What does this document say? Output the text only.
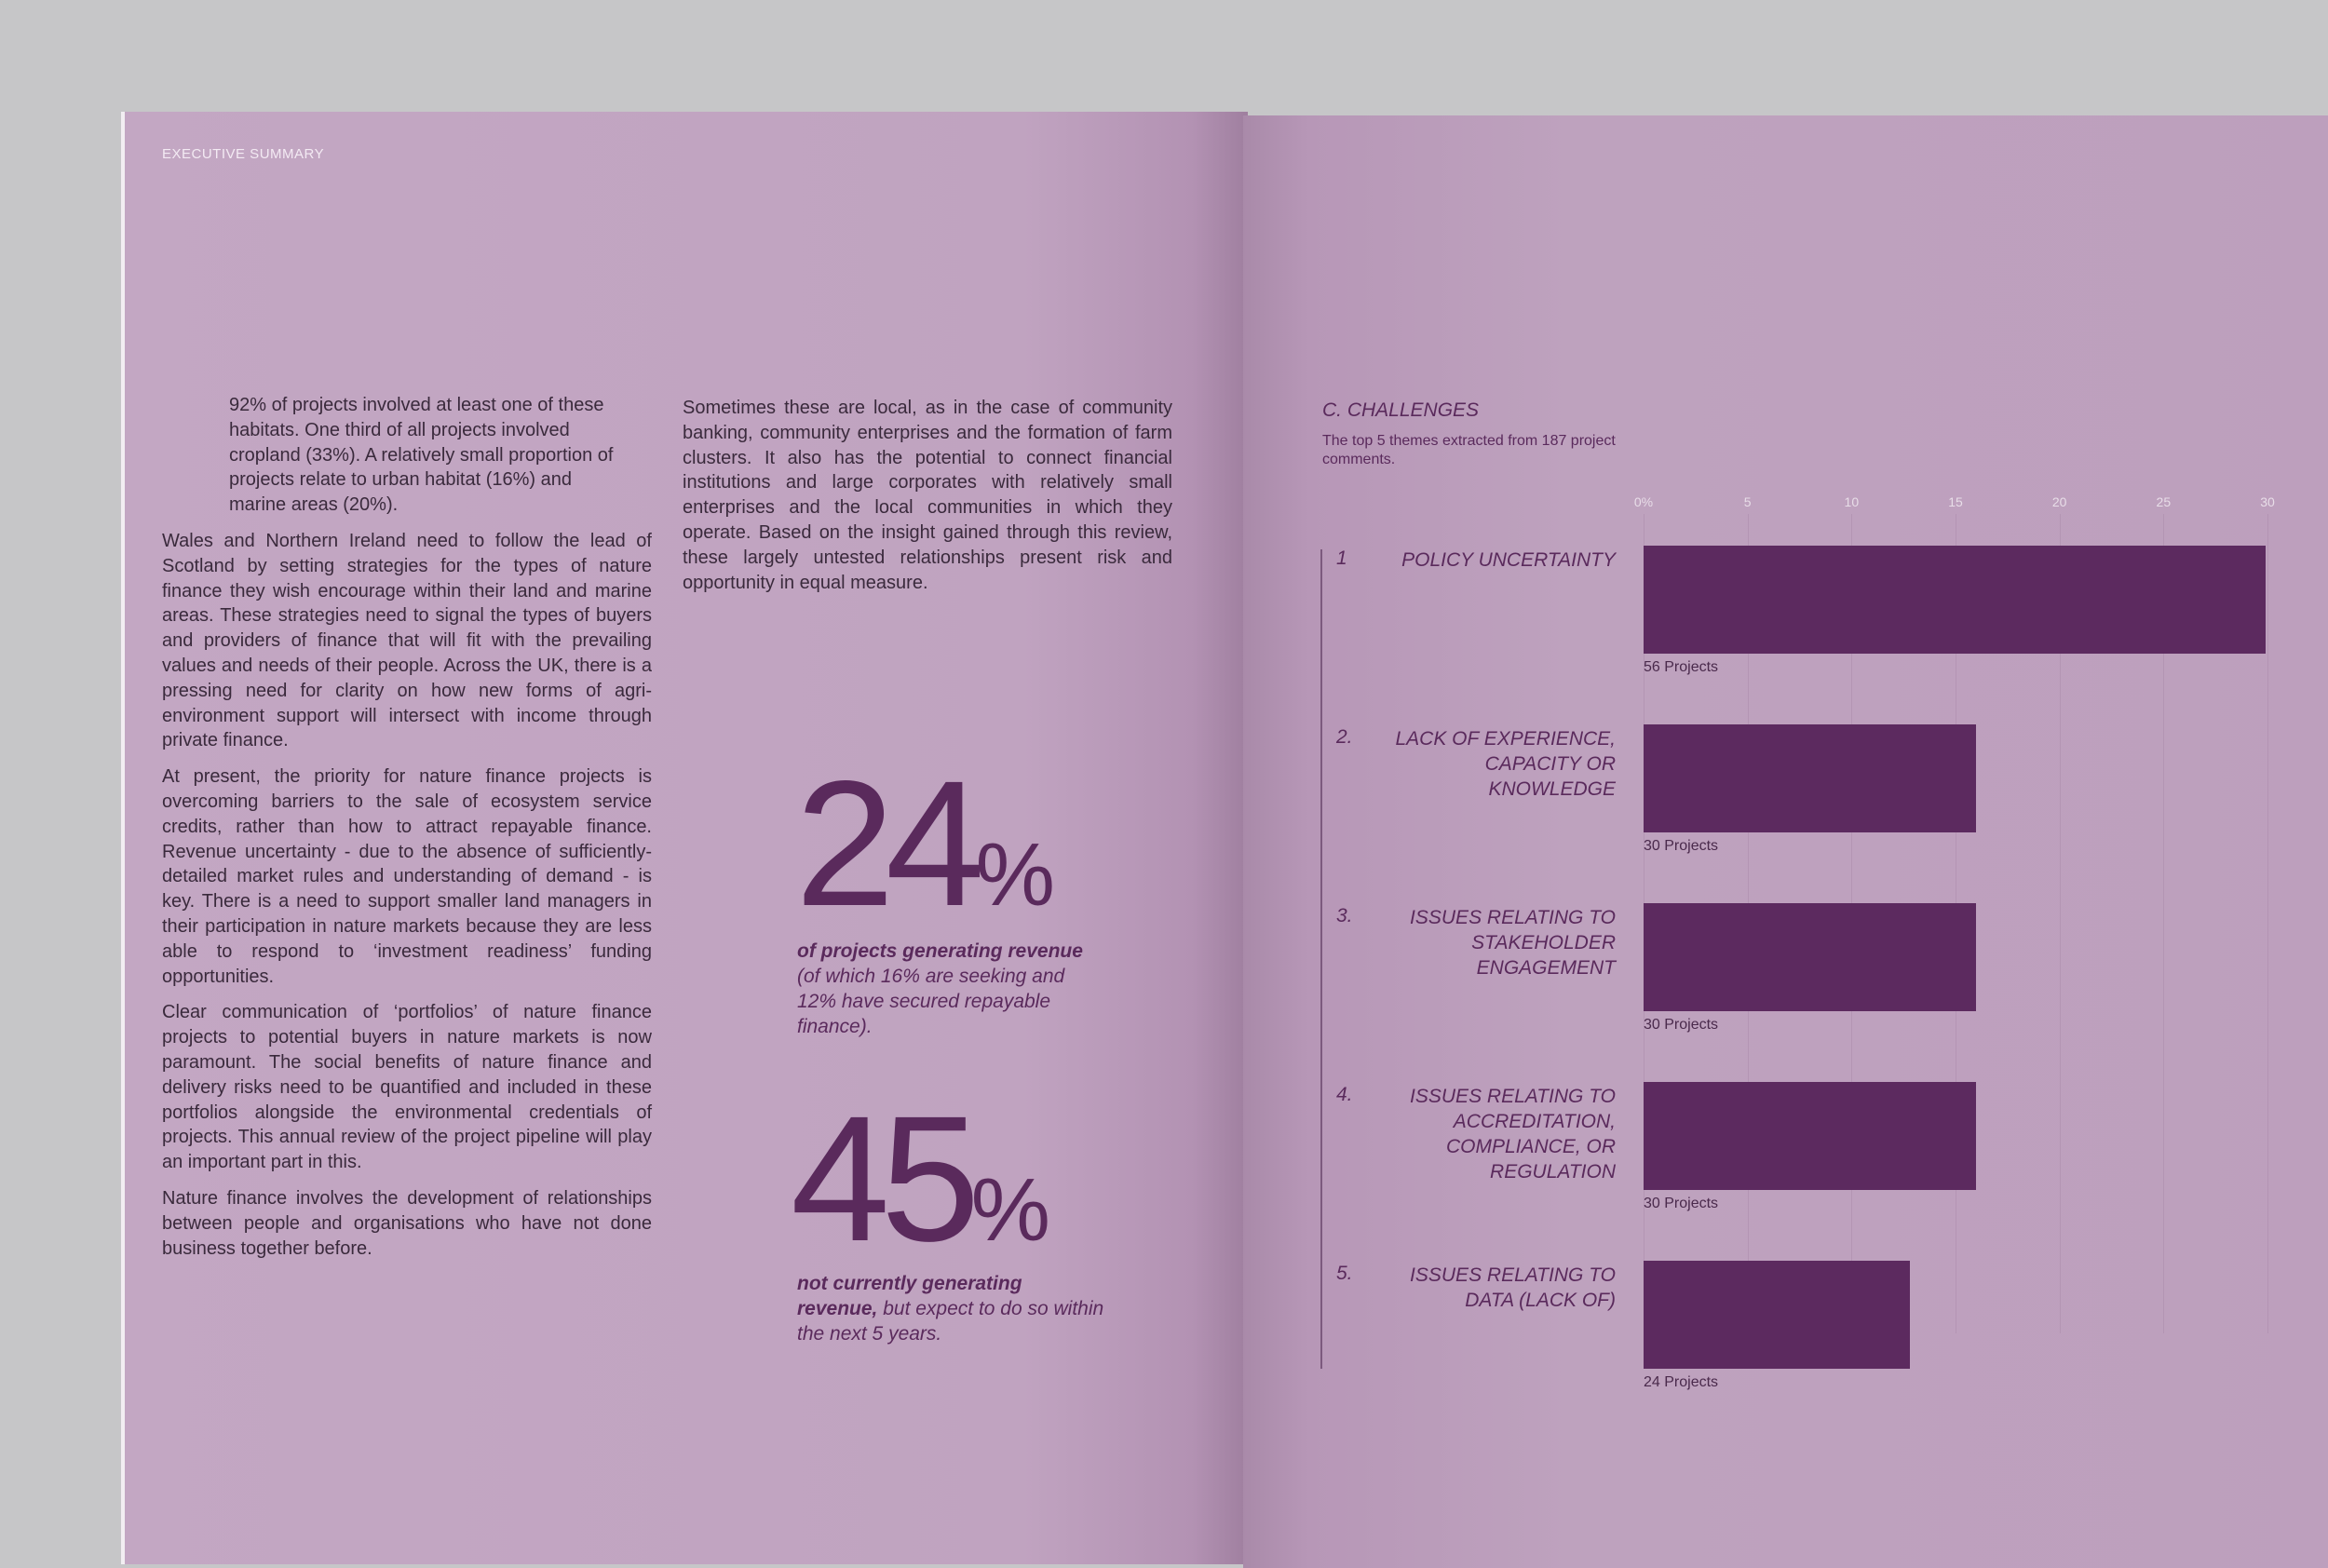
EXECUTIVE SUMMARY
92% of projects involved at least one of these habitats. One third of all projects involved cropland (33%). A relatively small proportion of projects relate to urban habitat (16%) and marine areas (20%).

Wales and Northern Ireland need to follow the lead of Scotland by setting strategies for the types of nature finance they wish encourage within their land and marine areas. These strategies need to signal the types of buyers and providers of finance that will fit with the prevailing values and needs of their people. Across the UK, there is a pressing need for clarity on how new forms of agri-environment support will intersect with income through private finance.

At present, the priority for nature finance projects is overcoming barriers to the sale of ecosystem service credits, rather than how to attract repayable finance. Revenue uncertainty - due to the absence of sufficiently-detailed market rules and understanding of demand - is key. There is a need to support smaller land managers in their participation in nature markets because they are less able to respond to ‘investment readiness’ funding opportunities.

Clear communication of ‘portfolios’ of nature finance projects to potential buyers in nature markets is now paramount. The social benefits of nature finance and delivery risks need to be quantified and included in these portfolios alongside the environmental credentials of projects. This annual review of the project pipeline will play an important part in this.

Nature finance involves the development of relationships between people and organisations who have not done business together before.

Sometimes these are local, as in the case of community banking, community enterprises and the formation of farm clusters. It also has the potential to connect financial institutions and large corporates with relatively small enterprises and the local communities in which they operate. Based on the insight gained through this review, these largely untested relationships present risk and opportunity in equal measure.
24%
of projects generating revenue (of which 16% are seeking and 12% have secured repayable finance).
45%
not currently generating revenue, but expect to do so within the next 5 years.
C. CHALLENGES
The top 5 themes extracted from 187 project comments.
0%	5	10	15	20	25	30
1	POLICY UNCERTAINTY
56 Projects
2.	LACK OF EXPERIENCE, CAPACITY OR KNOWLEDGE
30 Projects
3.	ISSUES RELATING TO STAKEHOLDER ENGAGEMENT
30 Projects
4.	ISSUES RELATING TO ACCREDITATION, COMPLIANCE, OR REGULATION
30 Projects
5.	ISSUES RELATING TO DATA (LACK OF)
24 Projects
